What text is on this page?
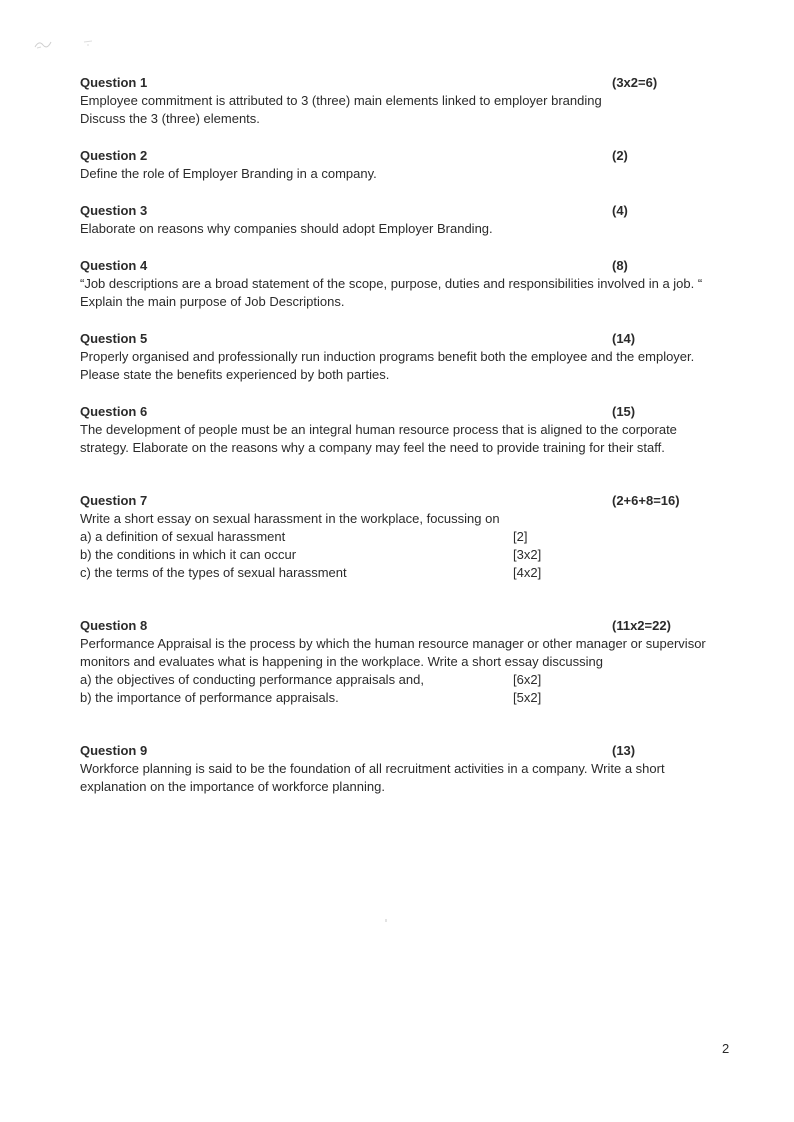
Question 1	(3x2=6)
Employee commitment is attributed to 3 (three) main elements linked to employer branding
Discuss the 3 (three) elements.
Question 2	(2)
Define the role of Employer Branding in a company.
Question 3	(4)
Elaborate on reasons why companies should adopt Employer Branding.
Question 4	(8)
“Job descriptions are a broad statement of the scope, purpose, duties and responsibilities involved in a job. “
Explain the main purpose of Job Descriptions.
Question 5	(14)
Properly organised and professionally run induction programs benefit both the employee and the employer.
Please state the benefits experienced by both parties.
Question 6	(15)
The development of people must be an integral human resource process that is aligned to the corporate
strategy. Elaborate on the reasons why a company may feel the need to provide training for their staff.
Question 7	(2+6+8=16)
Write a short essay on sexual harassment in the workplace, focussing on
a) a definition of sexual harassment	[2]
b) the conditions in which it can occur	[3x2]
c) the terms of the types of sexual harassment	[4x2]
Question 8	(11x2=22)
Performance Appraisal is the process by which the human resource manager or other manager or supervisor
monitors and evaluates what is happening in the workplace. Write a short essay discussing
a) the objectives of conducting performance appraisals and,	[6x2]
b) the importance of performance appraisals.	[5x2]
Question 9	(13)
Workforce planning is said to be the foundation of all recruitment activities in a company. Write a short
explanation on the importance of workforce planning.
2
